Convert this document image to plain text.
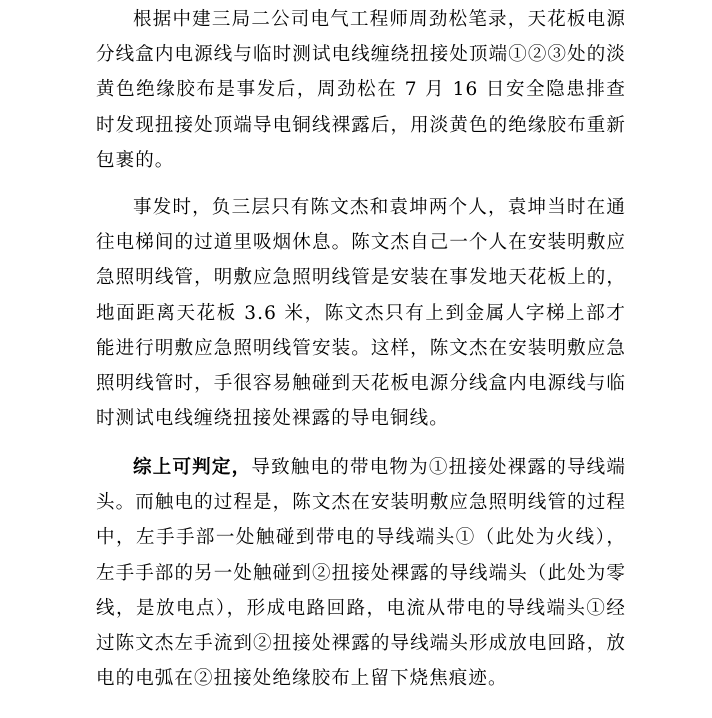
根据中建三局二公司电气工程师周劲松笔录，天花板电源分线盒内电源线与临时测试电线缠绕扭接处顶端①②③处的淡黄色绝缘胶布是事发后，周劲松在 7 月 16 日安全隐患排查时发现扭接处顶端导电铜线裸露后，用淡黄色的绝缘胶布重新包裹的。

事发时，负三层只有陈文杰和袁坤两个人，袁坤当时在通往电梯间的过道里吸烟休息。陈文杰自己一个人在安装明敷应急照明线管，明敷应急照明线管是安装在事发地天花板上的，地面距离天花板 3.6 米，陈文杰只有上到金属人字梯上部才能进行明敷应急照明线管安装。这样，陈文杰在安装明敷应急照明线管时，手很容易触碰到天花板电源分线盒内电源线与临时测试电线缠绕扭接处裸露的导电铜线。

综上可判定，导致触电的带电物为①扭接处裸露的导线端头。而触电的过程是，陈文杰在安装明敷应急照明线管的过程中，左手手部一处触碰到带电的导线端头①（此处为火线），左手手部的另一处触碰到②扭接处裸露的导线端头（此处为零线，是放电点），形成电路回路，电流从带电的导线端头①经过陈文杰左手流到②扭接处裸露的导线端头形成放电回路，放电的电弧在②扭接处绝缘胶布上留下烧焦痕迹。
